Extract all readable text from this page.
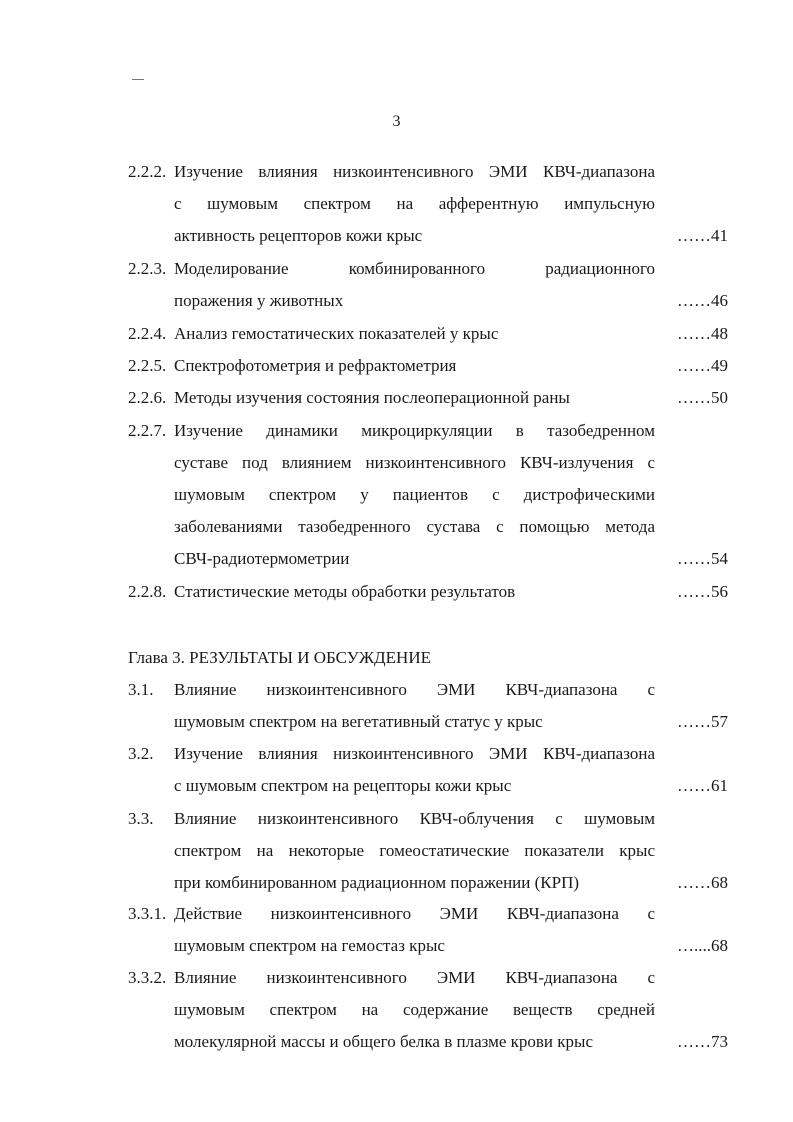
3
2.2.2. Изучение влияния низкоинтенсивного ЭМИ КВЧ-диапазона
с шумовым спектром на афферентную импульсную
активность рецепторов кожи крыс	……41
2.2.3. Моделирование комбинированного радиационного
поражения у животных	……46
2.2.4. Анализ гемостатических показателей у крыс	……48
2.2.5. Спектрофотометрия и рефрактометрия	……49
2.2.6. Методы изучения состояния послеоперационной раны	……50
2.2.7. Изучение динамики микроциркуляции в тазобедренном
суставе под влиянием низкоинтенсивного КВЧ-излучения с
шумовым спектром у пациентов с дистрофическими
заболеваниями тазобедренного сустава с помощью метода
СВЧ-радиотермометрии	……54
2.2.8. Статистические методы обработки результатов	……56
Глава 3. РЕЗУЛЬТАТЫ И ОБСУЖДЕНИЕ
3.1. Влияние низкоинтенсивного ЭМИ КВЧ-диапазона с
шумовым спектром на вегетативный статус у крыс	……57
3.2. Изучение влияния низкоинтенсивного ЭМИ КВЧ-диапазона
с шумовым спектром на рецепторы кожи крыс	……61
3.3. Влияние низкоинтенсивного КВЧ-облучения с шумовым
спектром на некоторые гомеостатические показатели крыс
при комбинированном радиационном поражении (КРП)	……68
3.3.1. Действие низкоинтенсивного ЭМИ КВЧ-диапазона с
шумовым спектром на гемостаз крыс	…....68
3.3.2. Влияние низкоинтенсивного ЭМИ КВЧ-диапазона с
шумовым спектром на содержание веществ средней
молекулярной массы и общего белка в плазме крови крыс	……73
